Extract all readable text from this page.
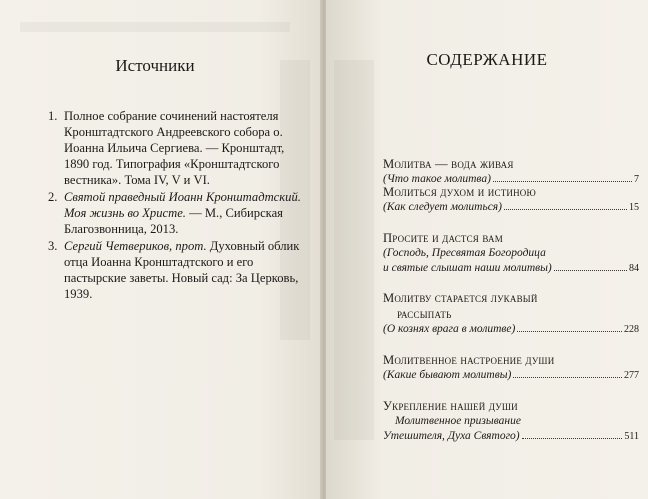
Источники
1. Полное собрание сочинений настоятеля Кронштадтского Андреевского собора о. Иоанна Ильича Сергиева. — Кронштадт, 1890 год. Типография «Кронштадтского вестника». Тома IV, V и VI.
2. Святой праведный Иоанн Кронштадтский. Моя жизнь во Христе. — М., Сибирская Благозвонница, 2013.
3. Сергий Четвериков, прот. Духовный облик отца Иоанна Кронштадтского и его пастырские заветы. Новый сад: За Церковь, 1939.
СОДЕРЖАНИЕ
Молитва — вода живая
(Что такое молитва)	7
Молиться духом и истиною
(Как следует молиться)	15
Просите и дастся вам
(Господь, Пресвятая Богородица
и святые слышат наши молитвы)	84
Молитву старается лукавый
рассыпать
(О кознях врага в молитве)	228
Молитвенное настроение души
(Какие бывают молитвы)	277
Укрепление нашей души
Молитвенное призывание
Утешителя, Духа Святого)	511
